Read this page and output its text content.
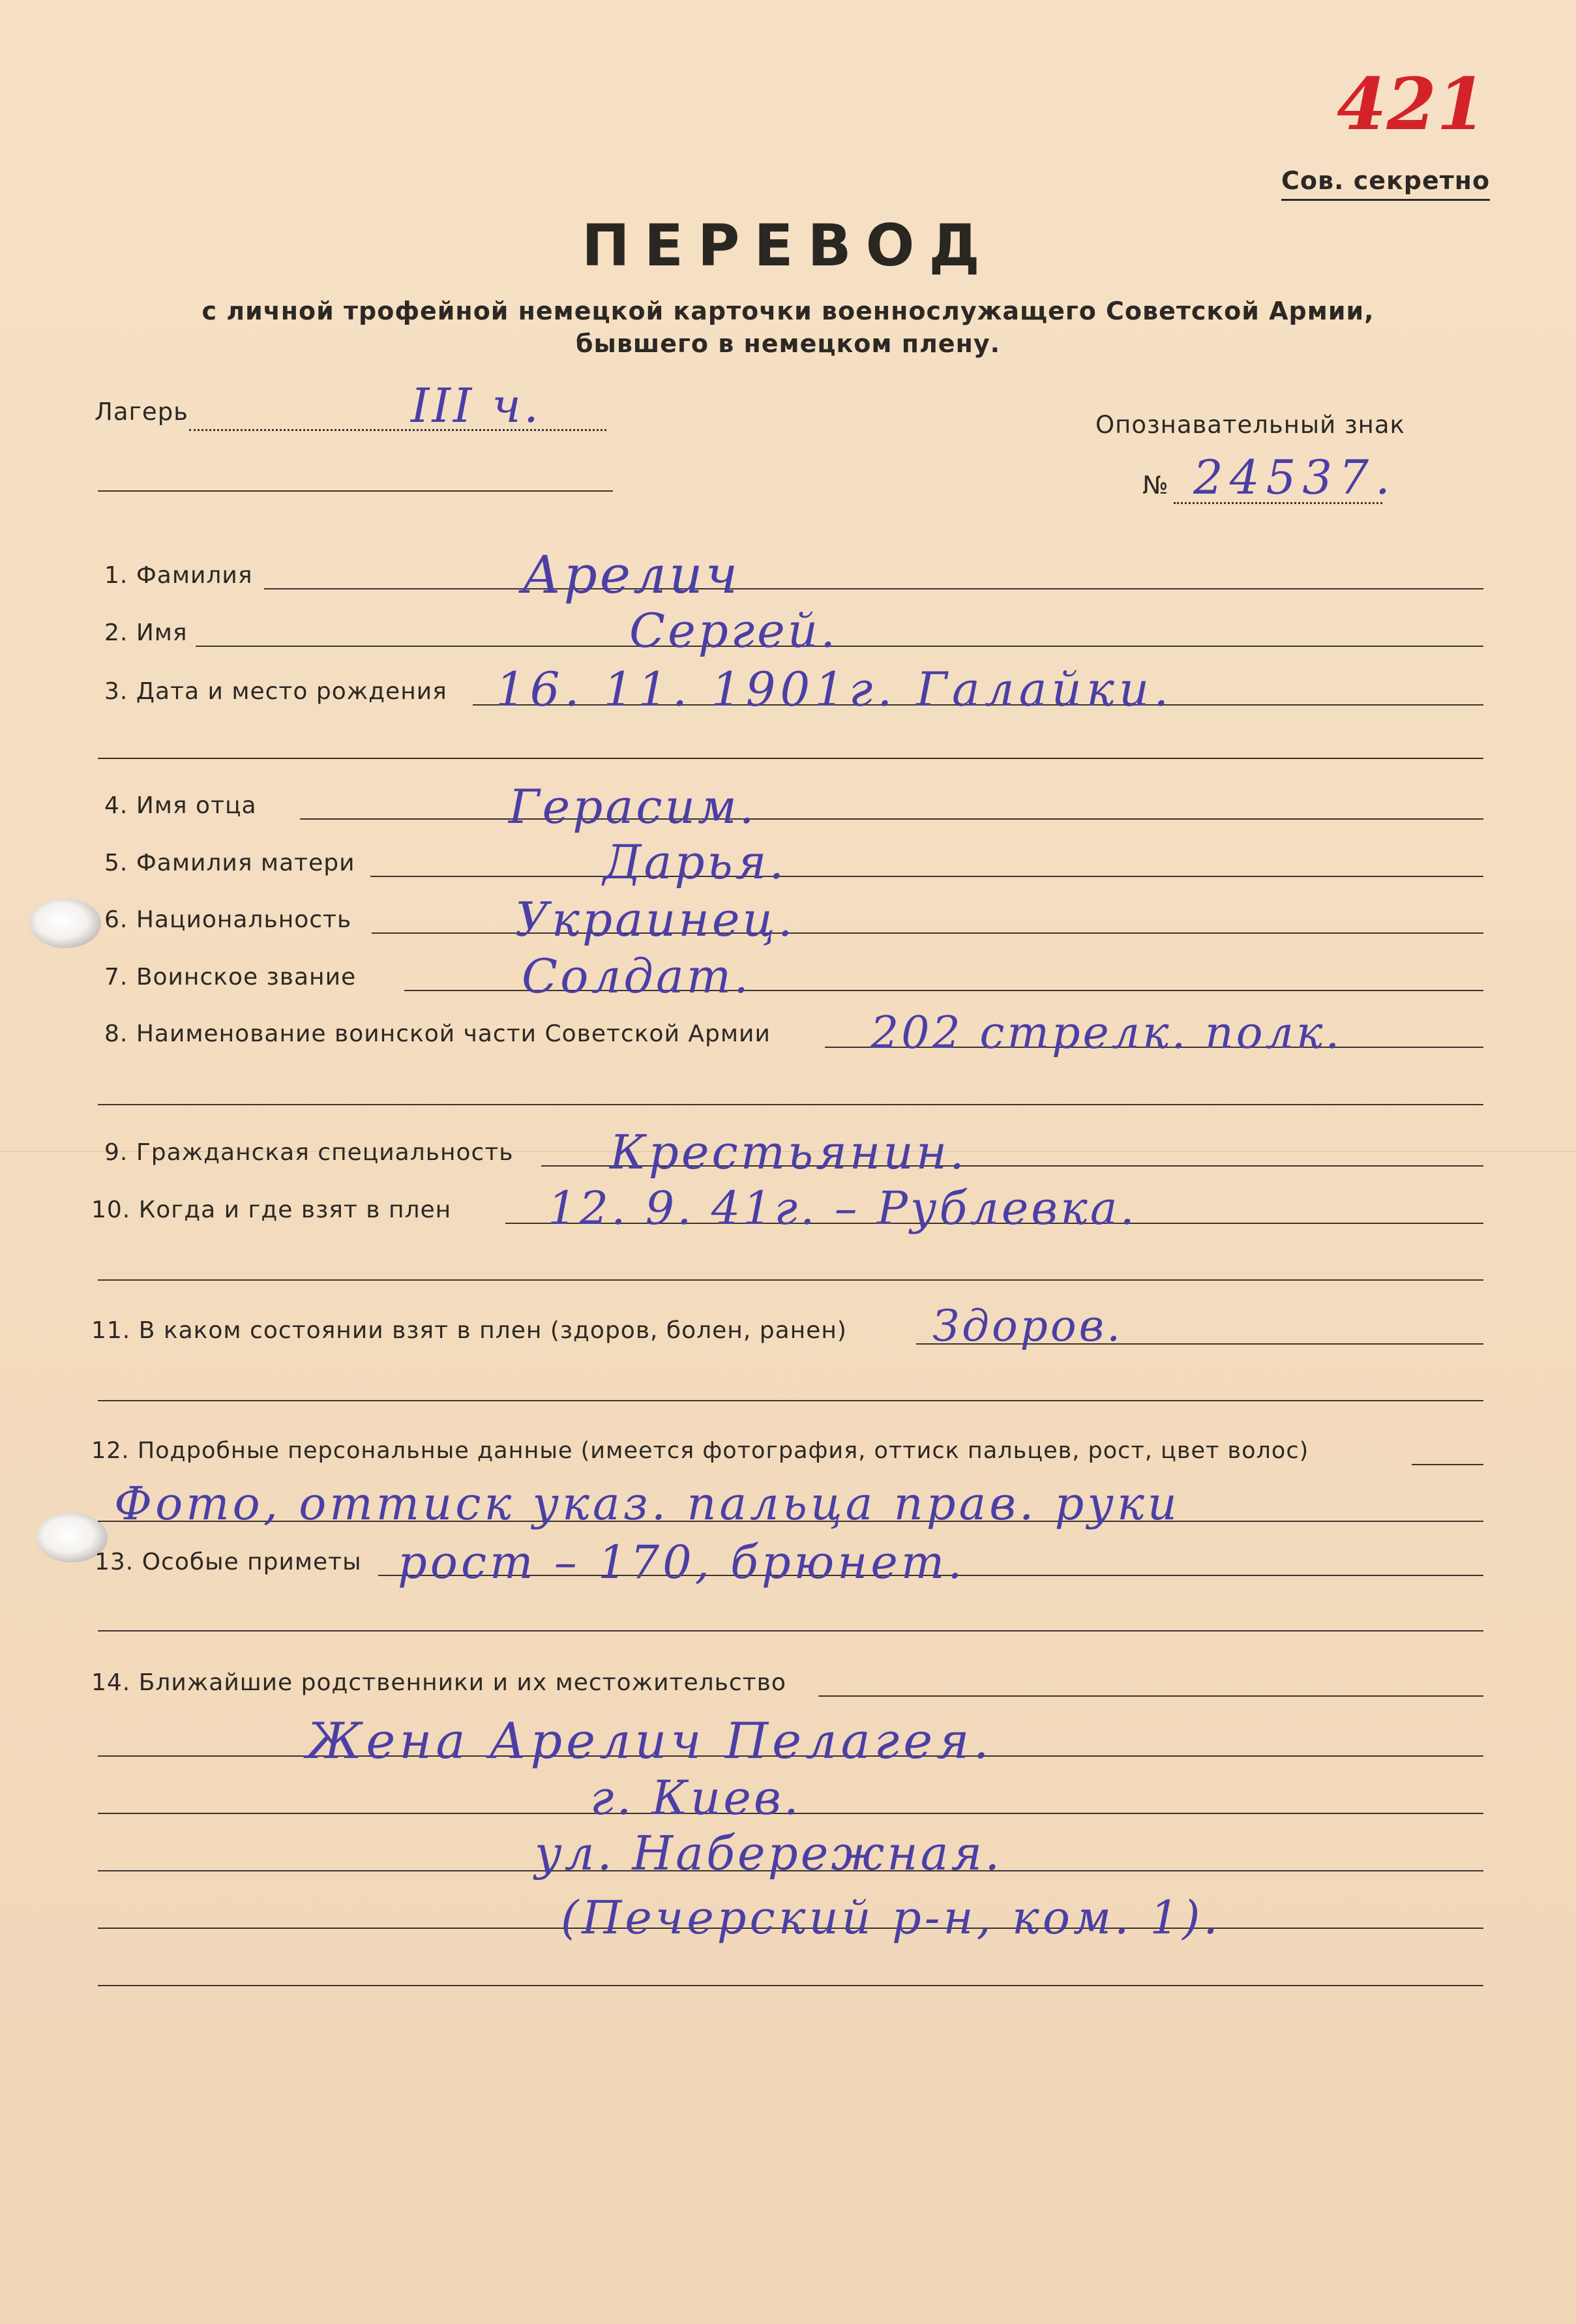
421
Сов. секретно
ПЕРЕВОД
с личной трофейной немецкой карточки военнослужащего Советской Армии,
бывшего в немецком плену.
Лагерь	III ч.	Опознавательный знак
№ 24537.
1. Фамилия	Арелич
2. Имя	Сергей.
3. Дата и место рождения 16. 11. 1901г. Галайки.
4. Имя отца	Герасим.
5. Фамилия матери	Дарья.
6. Национальность	Украинец.
7. Воинское звание	Солдат.
8. Наименование воинской части Советской Армии 202 стрелк. полк.
9. Гражданская специальность Крестьянин.
10. Когда и где взят в плен 12. 9. 41г. – Рублевка.
11. В каком состоянии взят в плен (здоров, болен, ранен) Здоров.
12. Подробные персональные данные (имеется фотография, оттиск пальцев, рост, цвет волос)
Фото, оттиск указ. пальца прав. руки
13. Особые приметы рост – 170, брюнет.
14. Ближайшие родственники и их местожительство
Жена Арелич Пелагея.
г. Киев.
ул. Набережная.
(Печерский р-н, ком. 1).
